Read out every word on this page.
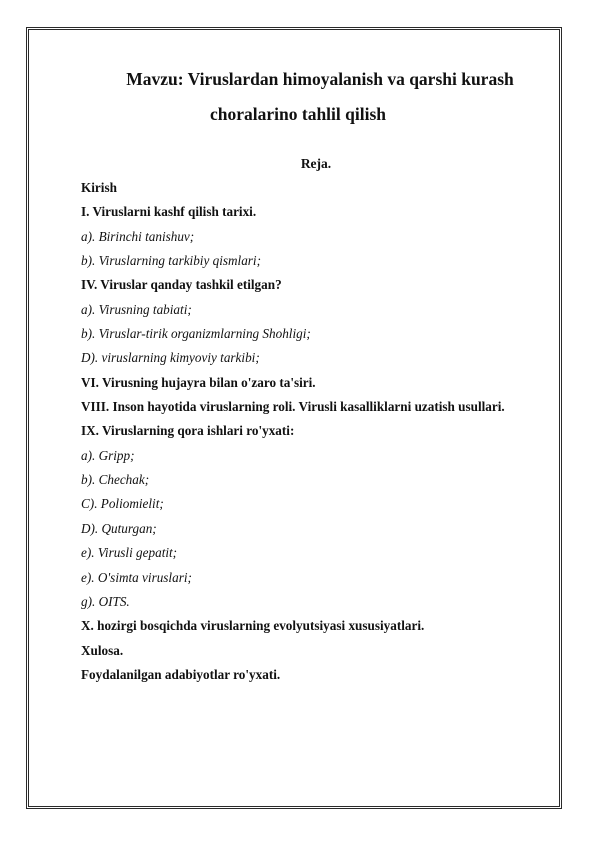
Mavzu: Viruslardan himoyalanish va qarshi kurash
choralarino tahlil qilish
Reja.
Kirish
I. Viruslarni kashf qilish tarixi.
a). Birinchi tanishuv;
b). Viruslarning tarkibiy qismlari;
IV. Viruslar qanday tashkil etilgan?
a). Virusning tabiati;
b). Viruslar-tirik organizmlarning Shohligi;
D). viruslarning kimyoviy tarkibi;
VI. Virusning hujayra bilan o'zaro ta'siri.
VIII. Inson hayotida viruslarning roli. Virusli kasalliklarni uzatish usullari.
IX. Viruslarning qora ishlari ro'yxati:
a). Gripp;
b). Chechak;
C). Poliomielit;
D). Quturgan;
e). Virusli gepatit;
e). O'simta viruslari;
g). OITS.
X. hozirgi bosqichda viruslarning evolyutsiyasi xususiyatlari.
Xulosa.
Foydalanilgan adabiyotlar ro'yxati.
